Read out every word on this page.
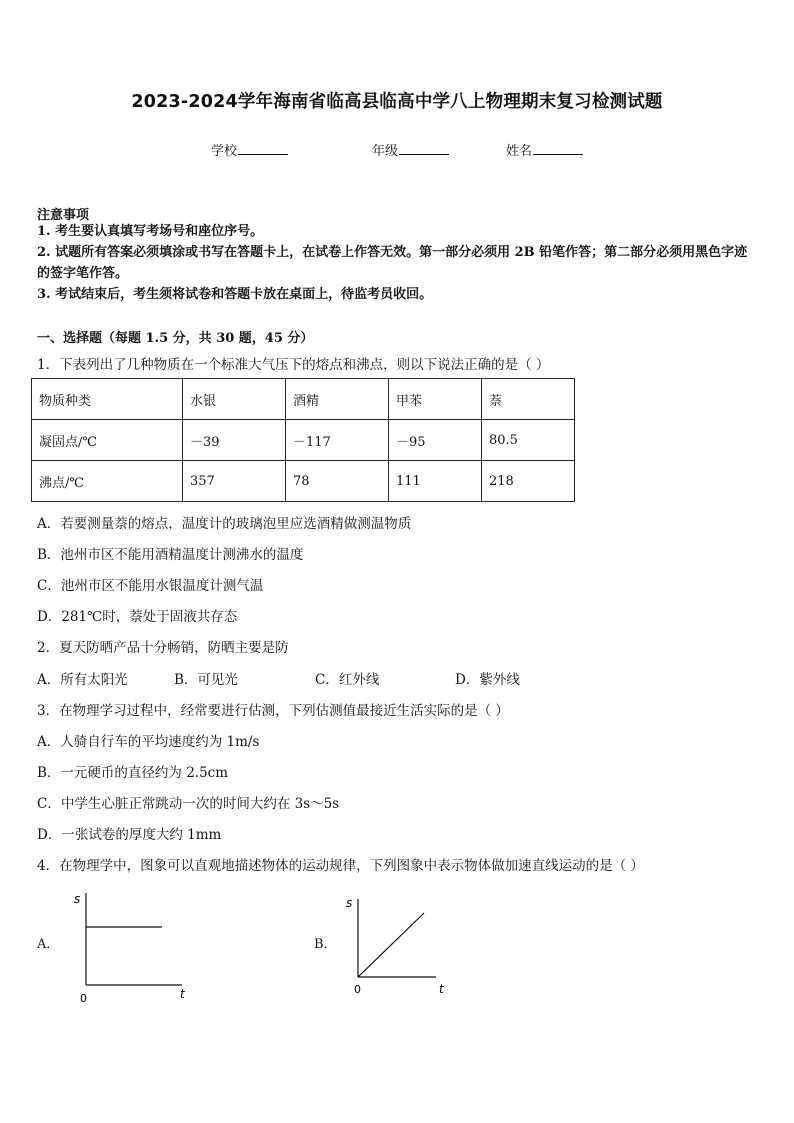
2023-2024学年海南省临高县临高中学八上物理期末复习检测试题
学校	年级	姓名
注意事项
1. 考生要认真填写考场号和座位序号。
2. 试题所有答案必须填涂或书写在答题卡上，在试卷上作答无效。第一部分必须用 2B 铅笔作答；第二部分必须用黑色字迹的签字笔作答。
3. 考试结束后，考生须将试卷和答题卡放在桌面上，待监考员收回。
一、选择题（每题 1.5 分，共 30 题，45 分）
1．下表列出了几种物质在一个标准大气压下的熔点和沸点，则以下说法正确的是（ ）
物质种类	水银	酒精	甲苯	萘
凝固点/℃	－39	－117	－95	80.5
沸点/℃	357	78	111	218
A．若要测量萘的熔点，温度计的玻璃泡里应选酒精做测温物质
B．池州市区不能用酒精温度计测沸水的温度
C．池州市区不能用水银温度计测气温
D．281℃时，萘处于固液共存态
2．夏天防晒产品十分畅销，防晒主要是防
A．所有太阳光	B．可见光	C．红外线	D．紫外线
3．在物理学习过程中，经常要进行估测，下列估测值最接近生活实际的是（ ）
A．人骑自行车的平均速度约为 1m/s
B．一元硬币的直径约为 2.5cm
C．中学生心脏正常跳动一次的时间大约在 3s～5s
D．一张试卷的厚度大约 1mm
4．在物理学中，图象可以直观地描述物体的运动规律，下列图象中表示物体做加速直线运动的是（ ）
A．
s
t
0
B．
s
t
0
